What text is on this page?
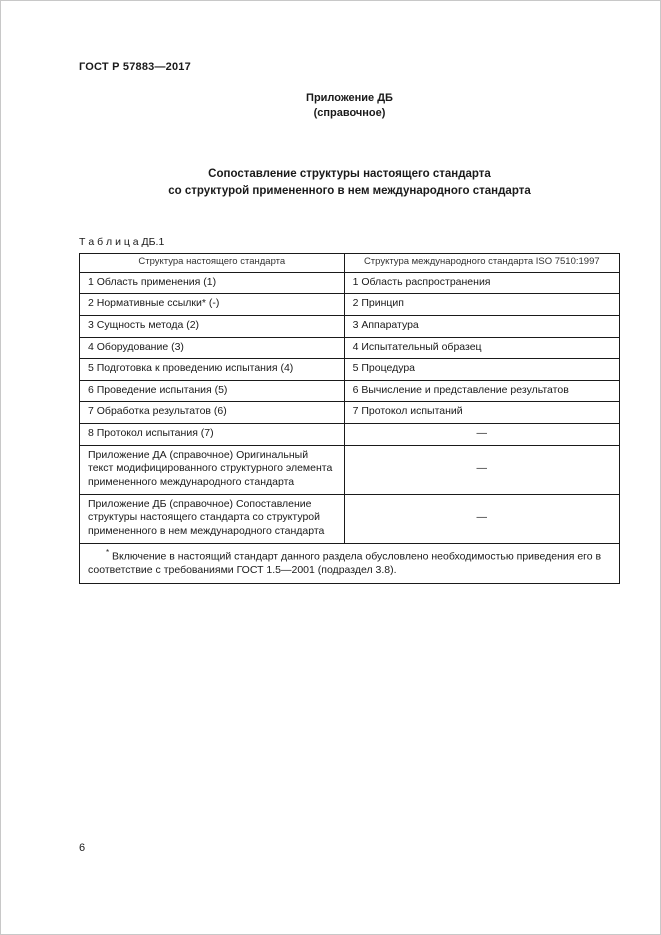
ГОСТ Р 57883—2017
Приложение ДБ
(справочное)
Сопоставление структуры настоящего стандарта
со структурой примененного в нем международного стандарта
Т а б л и ц а ДБ.1
Структура настоящего стандарта	Структура международного стандарта ISO 7510:1997
1 Область применения (1)	1 Область распространения
2 Нормативные ссылки* (-)	2 Принцип
3 Сущность метода (2)	3 Аппаратура
4 Оборудование (3)	4 Испытательный образец
5 Подготовка к проведению испытания (4)	5 Процедура
6 Проведение испытания (5)	6 Вычисление и представление результатов
7 Обработка результатов (6)	7 Протокол испытаний
8 Протокол испытания (7)	—
Приложение ДА (справочное) Оригинальный текст модифицированного структурного элемента примененного международного стандарта	—
Приложение ДБ (справочное) Сопоставление структуры настоящего стандарта со структурой примененного в нем международного стандарта	—
* Включение в настоящий стандарт данного раздела обусловлено необходимостью приведения его в соответствие с требованиями ГОСТ 1.5—2001 (подраздел 3.8).	
6
